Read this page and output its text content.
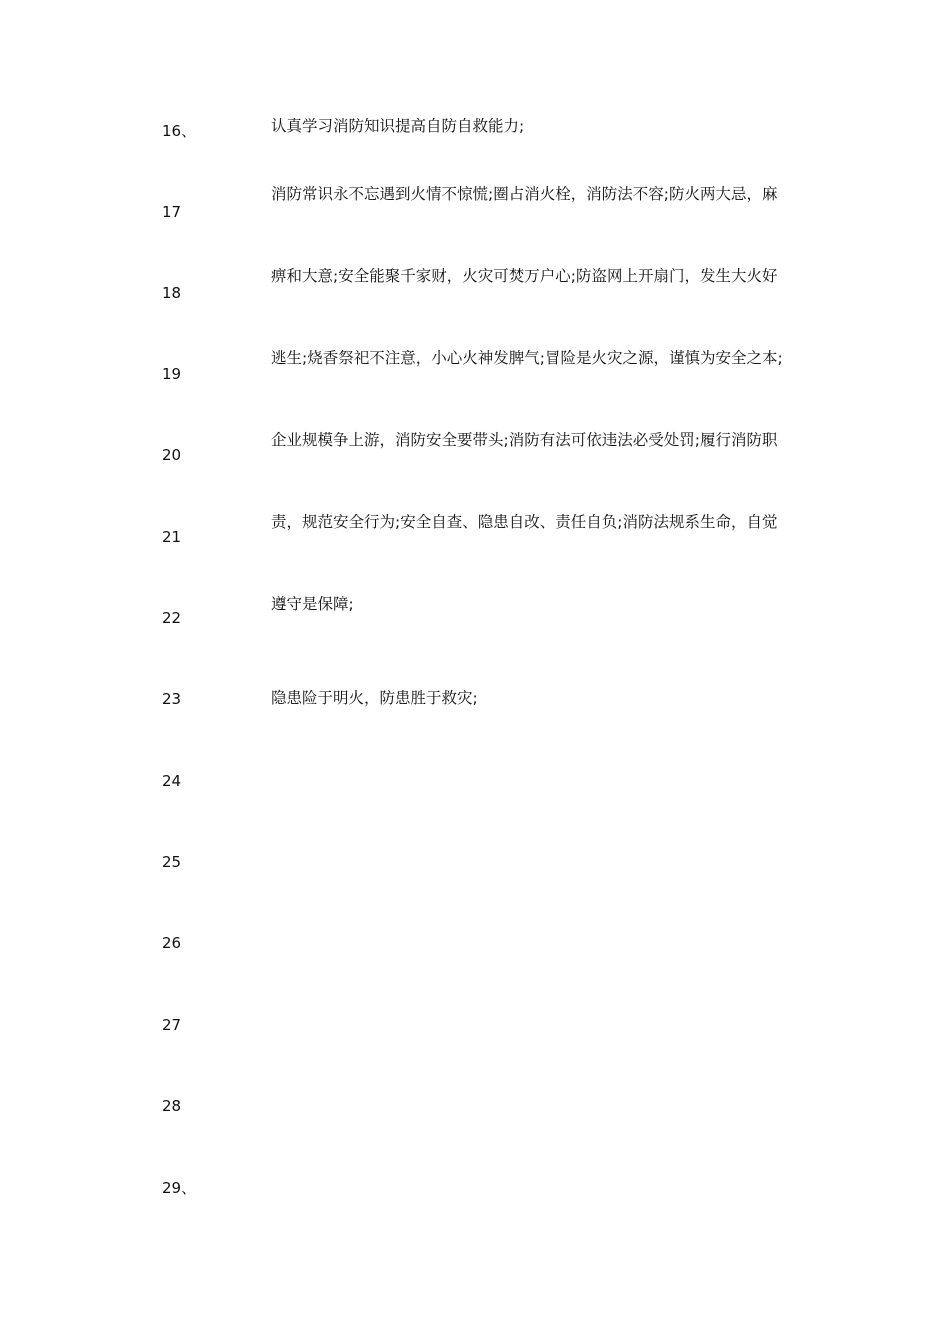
16、
17
18
19
20
21
22
23
24
25
26
27
28
29、
认真学习消防知识提高自防自救能力;
消防常识永不忘遇到火情不惊慌;圈占消火栓，消防法不容;防火两大忌，麻
痹和大意;安全能聚千家财，火灾可焚万户心;防盗网上开扇门，发生大火好
逃生;烧香祭祀不注意，小心火神发脾气;冒险是火灾之源，谨慎为安全之本;
企业规模争上游，消防安全要带头;消防有法可依违法必受处罚;履行消防职
责，规范安全行为;安全自查、隐患自改、责任自负;消防法规系生命，自觉
遵守是保障;
隐患险于明火，防患胜于救灾;
